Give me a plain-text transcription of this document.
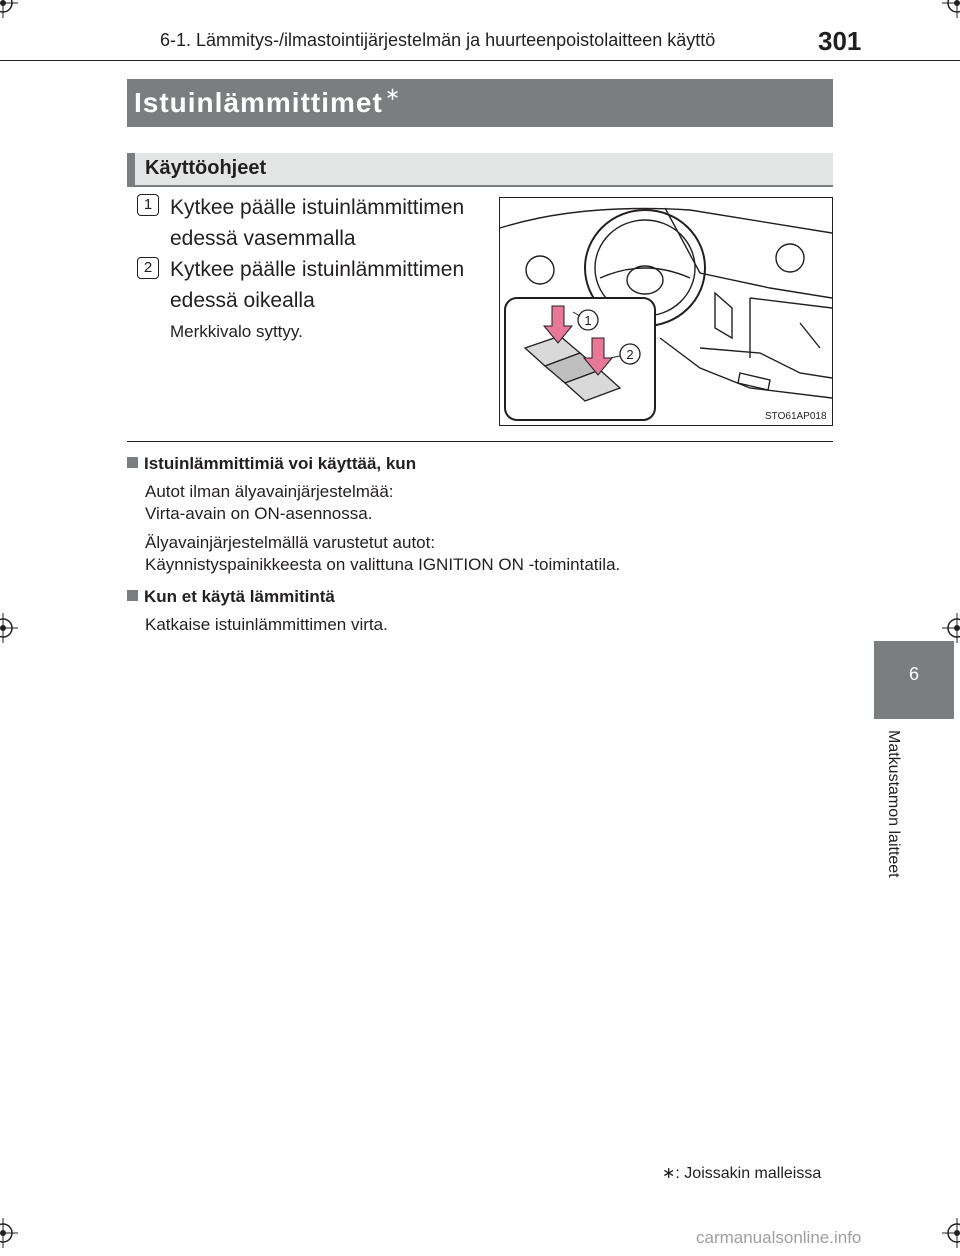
6-1. Lämmitys-/ilmastointijärjestelmän ja huurteenpoistolaitteen käyttö	301
Istuinlämmittimet ∗
Käyttöohjeet
1 Kytkee päälle istuinlämmittimen edessä vasemmalla
2 Kytkee päälle istuinlämmittimen edessä oikealla
Merkkivalo syttyy.
1
2
STO61AP018
Istuinlämmittimiä voi käyttää, kun
Autot ilman älyavainjärjestelmää:
Virta-avain on ON-asennossa.
Älyavainjärjestelmällä varustetut autot:
Käynnistyspainikkeesta on valittuna IGNITION ON -toimintatila.
Kun et käytä lämmitintä
Katkaise istuinlämmittimen virta.
6
Matkustamon laitteet
∗: Joissakin malleissa
carmanualsonline.info
